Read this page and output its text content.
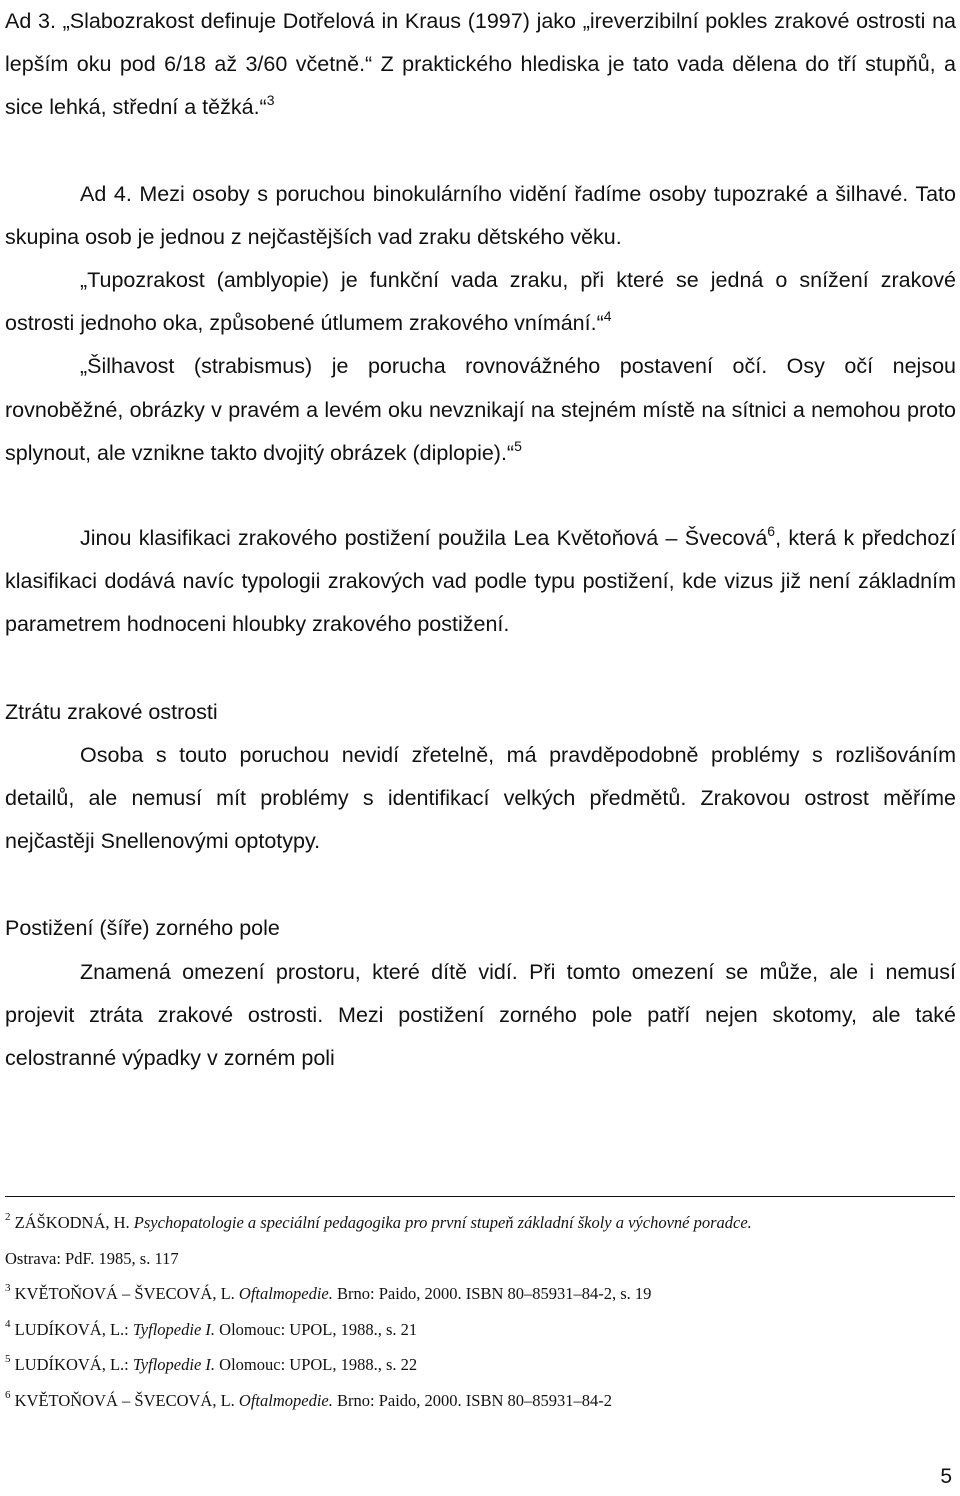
Ad 3. „Slabozrakost definuje Dotřelová in Kraus (1997) jako „ireverzibilní pokles zrakové ostrosti na lepším oku pod 6/18 až 3/60 včetně.“ Z praktického hlediska je tato vada dělena do tří stupňů, a sice lehká, střední a těžká.“$^3$

Ad 4. Mezi osoby s poruchou binokulárního vidění řadíme osoby tupozraké a šilhavé. Tato skupina osob je jednou z nejčastějších vad zraku dětského věku.

„Tupozrakost (amblyopie) je funkční vada zraku, při které se jedná o snížení zrakové ostrosti jednoho oka, způsobené útlumem zrakového vnímání.“$^4$

„Šilhavost (strabismus) je porucha rovnovážného postavení očí. Osy očí nejsou rovnoběžné, obrázky v pravém a levém oku nevznikají na stejném místě na sítnici a nemohou proto splynout, ale vznikne takto dvojitý obrázek (diplopie).“$^5$

Jinou klasifikaci zrakového postižení použila Lea Květoňová – Švecová$^6$, která k předchozí klasifikaci dodává navíc typologii zrakových vad podle typu postižení, kde vizus již není základním parametrem hodnoceni hloubky zrakového postižení.

Ztrátu zrakové ostrosti

Osoba s touto poruchou nevidí zřetelně, má pravděpodobně problémy s rozlišováním detailů, ale nemusí mít problémy s identifikací velkých předmětů. Zrakovou ostrost měříme nejčastěji Snellenovými optotypy.

Postižení (šíře) zorného pole

Znamená omezení prostoru, které dítě vidí. Při tomto omezení se může, ale i nemusí projevit ztráta zrakové ostrosti. Mezi postižení zorného pole patří nejen skotomy, ale také celostranné výpadky v zorném poli

$^2$ ZÁŠKODNÁ, H. Psychopatologie a speciální pedagogika pro první stupeň základní školy a výchovné poradce.
Ostrava: PdF. 1985, s. 117

$^3$ KVĚTOŇOVÁ – ŠVECOVÁ, L. Oftalmopedie. Brno: Paido, 2000. ISBN 80–85931–84-2, s. 19

$^4$ LUDÍKOVÁ, L.: Tyflopedie I. Olomouc: UPOL, 1988., s. 21

$^5$ LUDÍKOVÁ, L.: Tyflopedie I. Olomouc: UPOL, 1988., s. 22

$^6$ KVĚTOŇOVÁ – ŠVECOVÁ, L. Oftalmopedie. Brno: Paido, 2000. ISBN 80–85931–84-2

5
